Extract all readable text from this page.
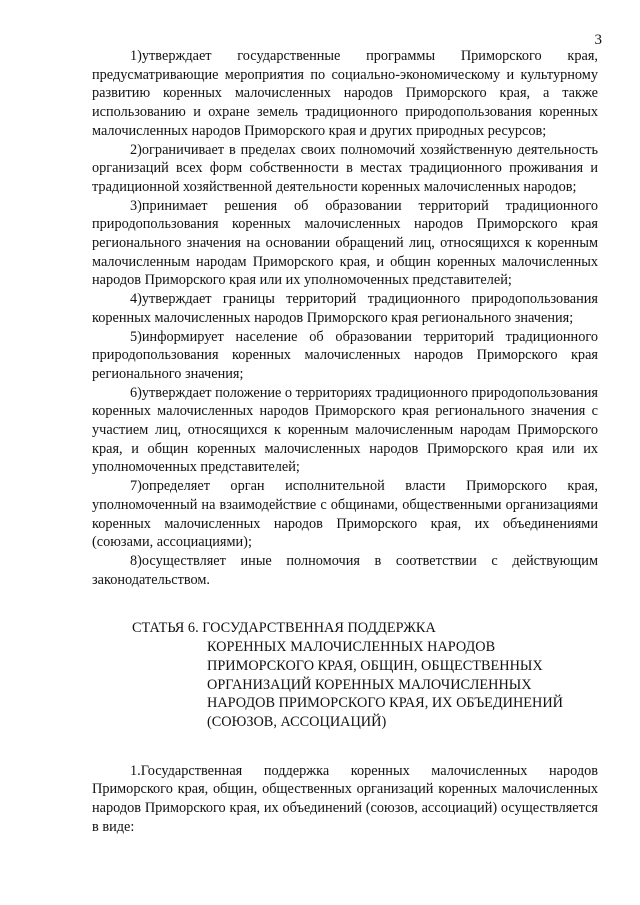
3

1)утверждает государственные программы Приморского края, предусматривающие мероприятия по социально-экономическому и культурному развитию коренных малочисленных народов Приморского края, а также использованию и охране земель традиционного природопользования коренных малочисленных народов Приморского края и других природных ресурсов;

2)ограничивает в пределах своих полномочий хозяйственную деятельность организаций всех форм собственности в местах традиционного проживания и традиционной хозяйственной деятельности коренных малочисленных народов;

3)принимает решения об образовании территорий традиционного природопользования коренных малочисленных народов Приморского края регионального значения на основании обращений лиц, относящихся к коренным малочисленным народам Приморского края, и общин коренных малочисленных народов Приморского края или их уполномоченных представителей;

4)утверждает границы территорий традиционного природопользования коренных малочисленных народов Приморского края регионального значения;

5)информирует население об образовании территорий традиционного природопользования коренных малочисленных народов Приморского края регионального значения;

6)утверждает положение о территориях традиционного природопользования коренных малочисленных народов Приморского края регионального значения с участием лиц, относящихся к коренным малочисленным народам Приморского края, и общин коренных малочисленных народов Приморского края или их уполномоченных представителей;

7)определяет орган исполнительной власти Приморского края, уполномоченный на взаимодействие с общинами, общественными организациями коренных малочисленных народов Приморского края, их объединениями (союзами, ассоциациями);

8)осуществляет иные полномочия в соответствии с действующим законодательством.

СТАТЬЯ 6. ГОСУДАРСТВЕННАЯ ПОДДЕРЖКА
КОРЕННЫХ МАЛОЧИСЛЕННЫХ НАРОДОВ ПРИМОРСКОГО КРАЯ, ОБЩИН, ОБЩЕСТВЕННЫХ ОРГАНИЗАЦИЙ КОРЕННЫХ МАЛОЧИСЛЕННЫХ НАРОДОВ ПРИМОРСКОГО КРАЯ, ИХ ОБЪЕДИНЕНИЙ (СОЮЗОВ, АССОЦИАЦИЙ)

1.Государственная поддержка коренных малочисленных народов Приморского края, общин, общественных организаций коренных малочисленных народов Приморского края, их объединений (союзов, ассоциаций) осуществляется в виде:
